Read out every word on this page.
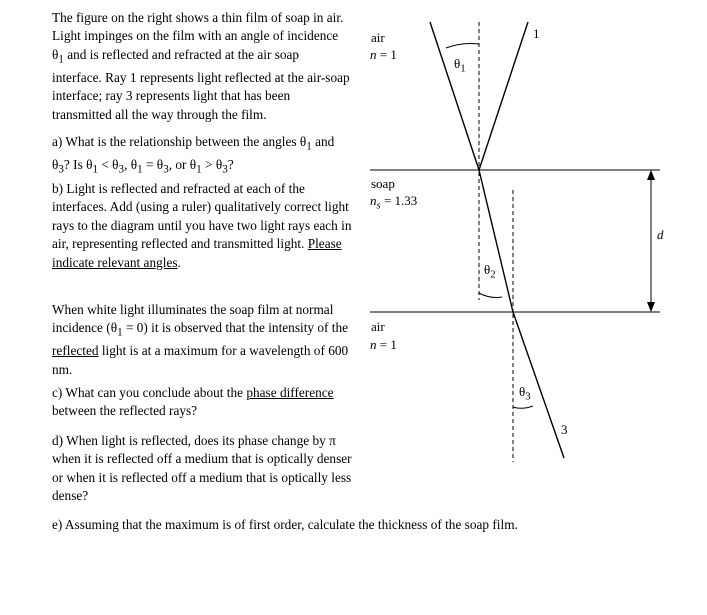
The figure on the right shows a thin film of soap in air. Light impinges on the film with an angle of incidence $\theta_1$ and is reflected and refracted at the air soap interface. Ray 1 represents light reflected at the air-soap interface; ray 3 represents light that has been transmitted all the way through the film.
a) What is the relationship between the angles $\theta_1$ and $\theta_3$? Is $\theta_1 < \theta_3$, $\theta_1 = \theta_3$, or $\theta_1 > \theta_3$?
b) Light is reflected and refracted at each of the interfaces. Add (using a ruler) qualitatively correct light rays to the diagram until you have two light rays each in air, representing reflected and transmitted light. Please indicate relevant angles.
When white light illuminates the soap film at normal incidence $(\theta_1 = 0)$ it is observed that the intensity of the reflected light is at a maximum for a wavelength of 600 nm.
c) What can you conclude about the phase difference between the reflected rays?
d) When light is reflected, does its phase change by π when it is reflected off a medium that is optically denser or when it is reflected off a medium that is optically less dense?
e) Assuming that the maximum is of first order, calculate the thickness of the soap film.
air
n = 1
soap
$n_s = 1.33$
air
n = 1
$\theta_1$
$\theta_2$
$\theta_3$
1
3
d
